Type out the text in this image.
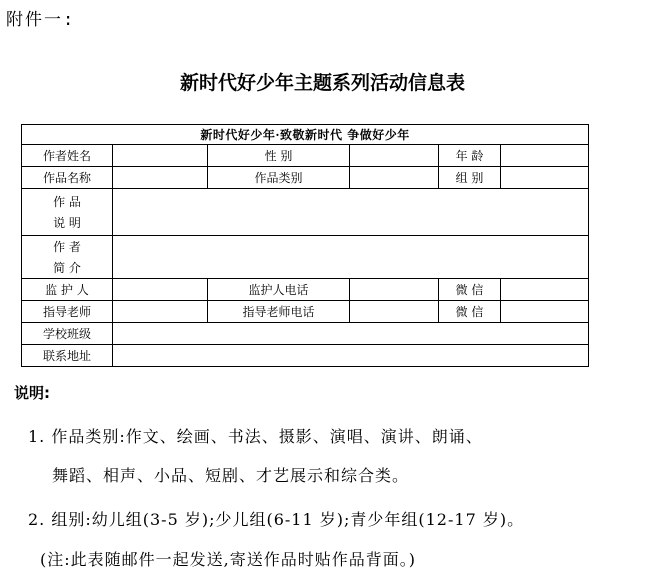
附件一:
新时代好少年主题系列活动信息表
新时代好少年·致敬新时代 争做好少年					
作者姓名		性 别		年 龄	
作品名称		作品类别		组 别	

作 品
说 明					

作 者
简 介					

监 护 人		监护人电话		微 信	
指导老师		指导老师电话		微 信	
学校班级					
联系地址					
说明:
1. 作品类别:作文、绘画、书法、摄影、演唱、演讲、朗诵、
舞蹈、相声、小品、短剧、才艺展示和综合类。
2. 组别:幼儿组(3-5 岁);少儿组(6-11 岁);青少年组(12-17 岁)。
(注:此表随邮件一起发送,寄送作品时贴作品背面。)
